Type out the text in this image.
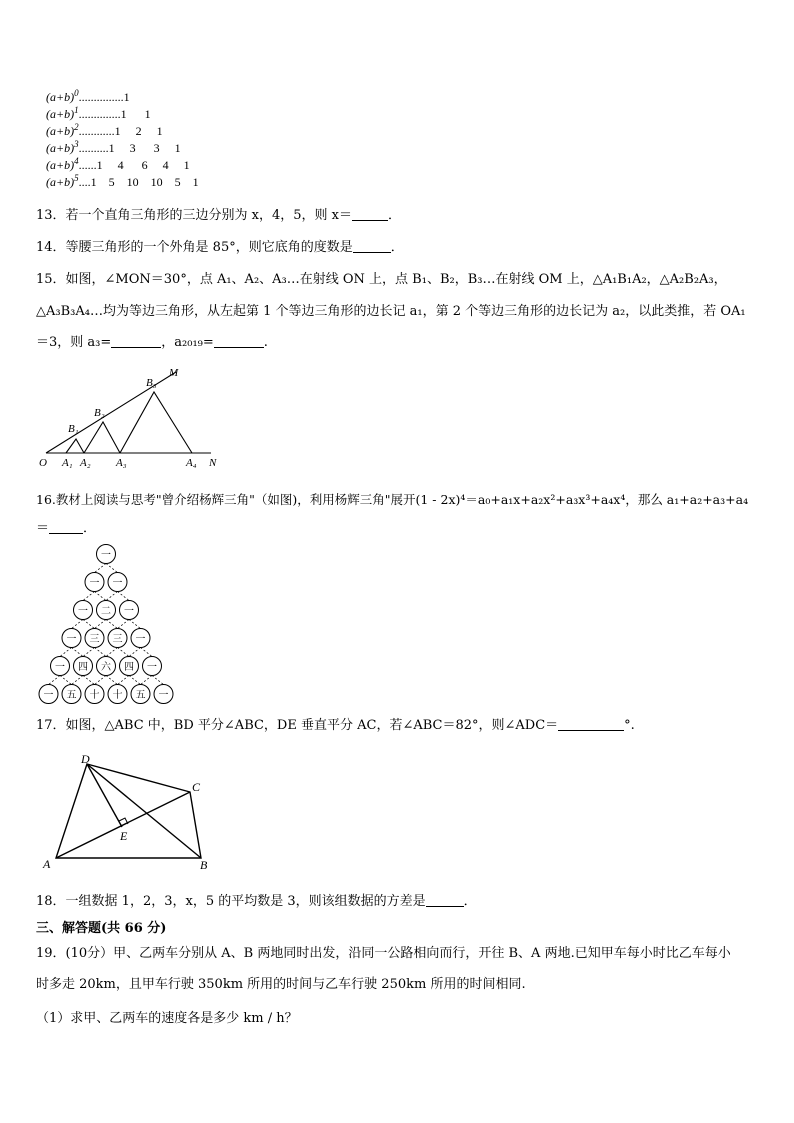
$(a+b)^0...............1$
$(a+b)^1..............1$      1
$(a+b)^2............1$     2     1
$(a+b)^3..........1$     3      3     1
$(a+b)^4......1$     4      6     4     1
$(a+b)^5....1$    5    10    10    5    1
13．若一个直角三角形的三边分别为 x，4，5，则 x＝	．
14．等腰三角形的一个外角是 85°，则它底角的度数是	．
15．如图，∠MON＝30°，点 A₁、A₂、A₃…在射线 ON 上，点 B₁、B₂，B₃…在射线 OM 上，△A₁B₁A₂，△A₂B₂A₃，
△A₃B₃A₄…均为等边三角形，从左起第 1 个等边三角形的边长记 a₁，第 2 个等边三角形的边长记为 a₂，以此类推，若 OA₁
＝3，则 a₃=	，a₂₀₁₉=	.
O A₁ A₂ A₃	A₄ N
B₁
B₂
B₃
M
16.教材上阅读与思考"曾介绍杨辉三角"（如图)，利用杨辉三角"展开(1 - 2x)⁴＝a₀+a₁x+a₂x²+a₃x³+a₄x⁴，那么 a₁+a₂+a₃+a₄
＝	．
一
一 一
一 二 一
一 三 三 一
一 四 六 四 一
一 五 十 十 五 一
17．如图，△ABC 中，BD 平分∠ABC，DE 垂直平分 AC，若∠ABC＝82°，则∠ADC＝	°.
D
C
E
A	B
18．一组数据 1，2，3，x，5 的平均数是 3，则该组数据的方差是	．
三、解答题(共 66 分)
19．(10分）甲、乙两车分别从 A、B 两地同时出发，沿同一公路相向而行，开往 B、A 两地.已知甲车每小时比乙车每小
时多走 20km，且甲车行驶 350km 所用的时间与乙车行驶 250km 所用的时间相同.
（1）求甲、乙两车的速度各是多少 km / h？
